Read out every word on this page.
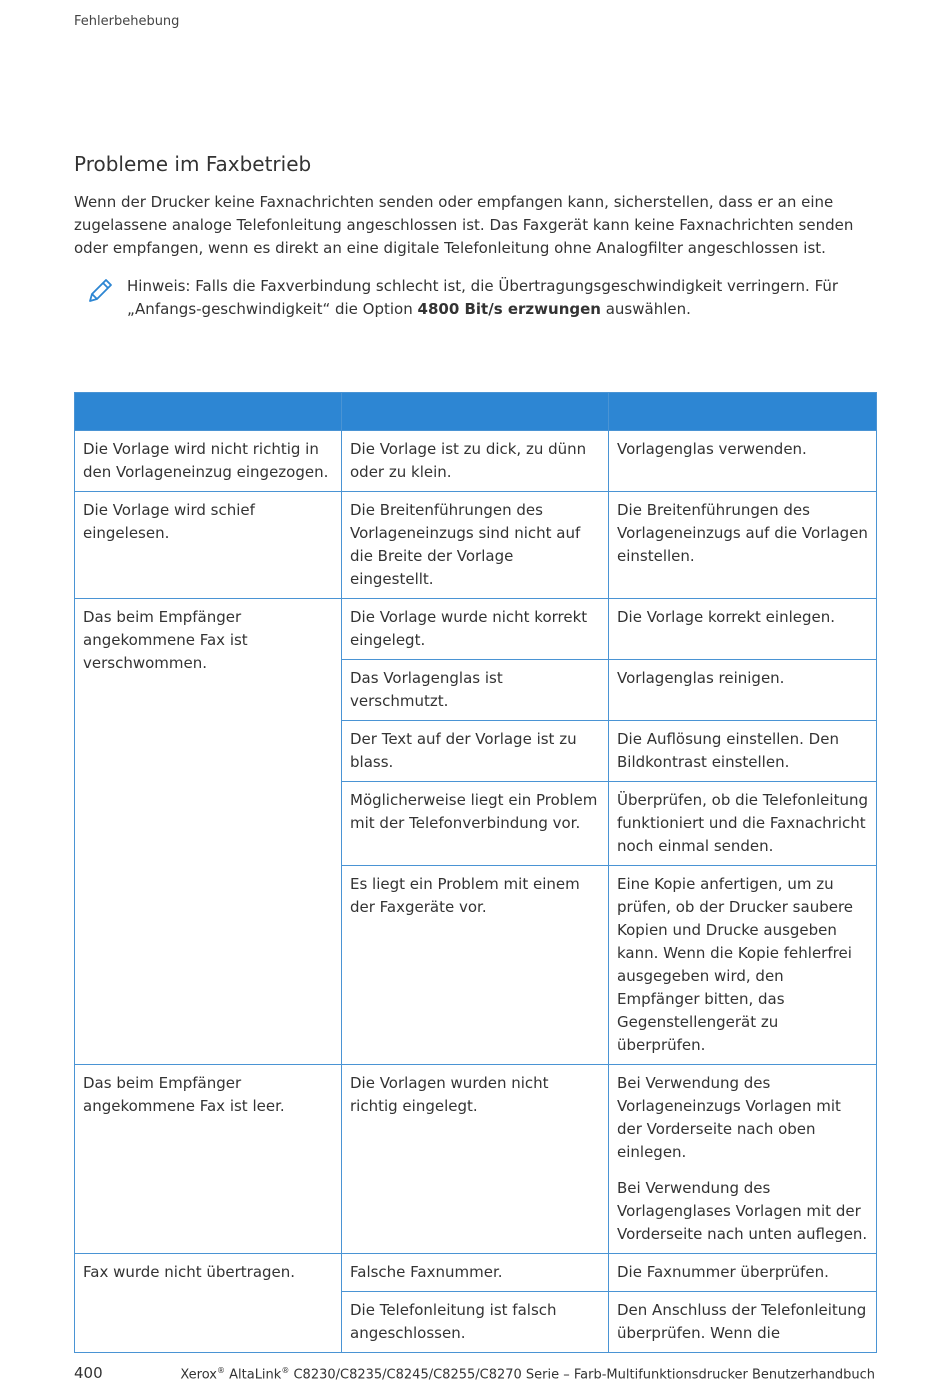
Fehlerbehebung
Probleme im Faxbetrieb

Wenn der Drucker keine Faxnachrichten senden oder empfangen kann, sicherstellen, dass er an eine zugelassene analoge Telefonleitung angeschlossen ist. Das Faxgerät kann keine Faxnachrichten senden oder empfangen, wenn es direkt an eine digitale Telefonleitung ohne Analogfilter angeschlossen ist.

Hinweis: Falls die Faxverbindung schlecht ist, die Übertragungsgeschwindigkeit verringern. Für „Anfangs-geschwindigkeit“ die Option 4800 Bit/s erzwungen auswählen.

Die Vorlage wird nicht richtig in den Vorlageneinzug eingezogen.	Die Vorlage ist zu dick, zu dünn oder zu klein.	Vorlagenglas verwenden.
Die Vorlage wird schief eingelesen.	Die Breitenführungen des Vorlageneinzugs sind nicht auf die Breite der Vorlage eingestellt.	Die Breitenführungen des Vorlageneinzugs auf die Vorlagen einstellen.
Das beim Empfänger angekommene Fax ist verschwommen.	Die Vorlage wurde nicht korrekt eingelegt.	Die Vorlage korrekt einlegen.
	Das Vorlagenglas ist verschmutzt.	Vorlagenglas reinigen.
	Der Text auf der Vorlage ist zu blass.	Die Auflösung einstellen. Den Bildkontrast einstellen.
	Möglicherweise liegt ein Problem mit der Telefonverbindung vor.	Überprüfen, ob die Telefonleitung funktioniert und die Faxnachricht noch einmal senden.
	Es liegt ein Problem mit einem der Faxgeräte vor.	Eine Kopie anfertigen, um zu prüfen, ob der Drucker saubere Kopien und Drucke ausgeben kann. Wenn die Kopie fehlerfrei ausgegeben wird, den Empfänger bitten, das Gegenstellengerät zu überprüfen.
Das beim Empfänger angekommene Fax ist leer.	Die Vorlagen wurden nicht richtig eingelegt.	Bei Verwendung des Vorlageneinzugs Vorlagen mit der Vorderseite nach oben einlegen.

Bei Verwendung des Vorlagenglases Vorlagen mit der Vorderseite nach unten auflegen.

Fax wurde nicht übertragen.	Falsche Faxnummer.	Die Faxnummer überprüfen.
	Die Telefonleitung ist falsch angeschlossen.	Den Anschluss der Telefonleitung überprüfen. Wenn die
400	Xerox® AltaLink® C8230/C8235/C8245/C8255/C8270 Serie – Farb-Multifunktionsdrucker Benutzerhandbuch
